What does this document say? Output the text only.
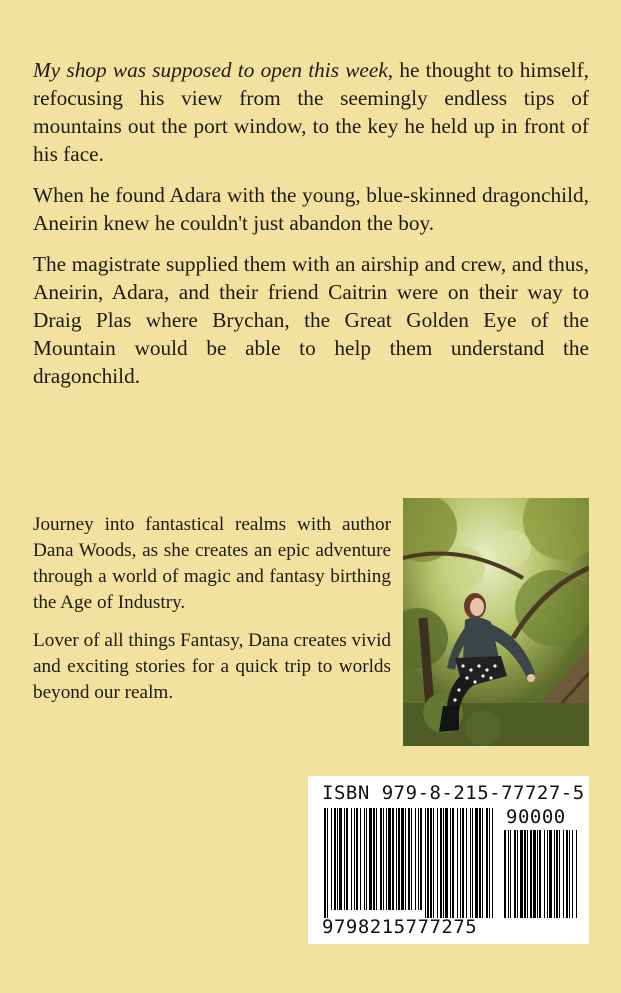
My shop was supposed to open this week, he thought to himself, refocusing his view from the seemingly endless tips of mountains out the port window, to the key he held up in front of his face.

When he found Adara with the young, blue-skinned dragonchild, Aneirin knew he couldn't just abandon the boy.

The magistrate supplied them with an airship and crew, and thus, Aneirin, Adara, and their friend Caitrin were on their way to Draig Plas where Brychan, the Great Golden Eye of the Mountain would be able to help them understand the dragonchild.

Journey into fantastical realms with author Dana Woods, as she creates an epic adventure through a world of magic and fantasy birthing the Age of Industry.

Lover of all things Fantasy, Dana creates vivid and exciting stories for a quick trip to worlds beyond our realm.

ISBN 979-8-215-77727-5
90000
9798215777275
